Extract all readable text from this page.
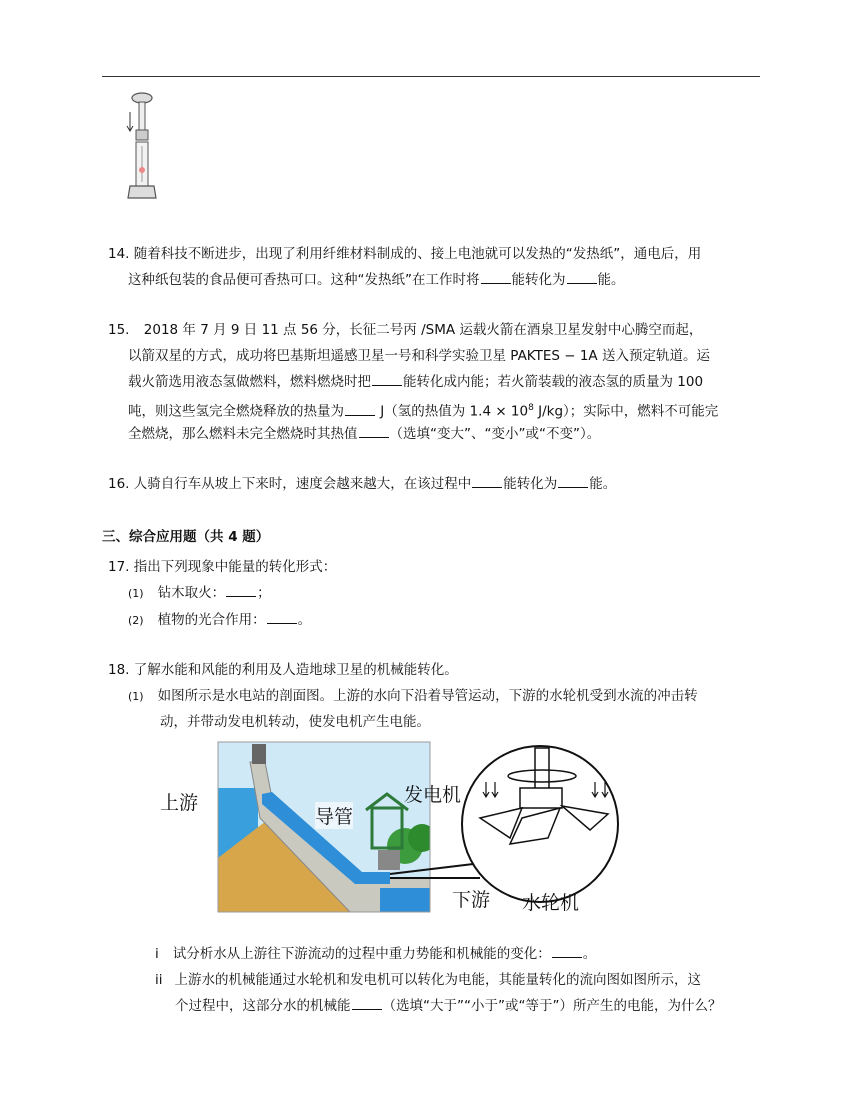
14. 随着科技不断进步，出现了利用纤维材料制成的、接上电池就可以发热的“发热纸”，通电后，用
这种纸包装的食品便可香热可口。这种“发热纸”在工作时将 能转化为 能。
15. 2018 年 7 月 9 日 11 点 56 分，长征二号丙 /SMA 运载火箭在酒泉卫星发射中心腾空而起，
以箭双星的方式，成功将巴基斯坦遥感卫星一号和科学实验卫星 PAKTES − 1A 送入预定轨道。运
载火箭选用液态氢做燃料，燃料燃烧时把 能转化成内能；若火箭装载的液态氢的质量为 100
吨，则这些氢完全燃烧释放的热量为 J（氢的热值为 $1.4 \times 10^8$ J/kg）；实际中，燃料不可能完
全燃烧，那么燃料未完全燃烧时其热值 （选填“变大”、“变小”或“不变”）。
16. 人骑自行车从坡上下来时，速度会越来越大，在该过程中 能转化为 能。
三、综合应用题（共 4 题）
17. 指出下列现象中能量的转化形式：
(1) 钻木取火： ；
(2) 植物的光合作用： 。
18. 了解水能和风能的利用及人造地球卫星的机械能转化。
(1) 如图所示是水电站的剖面图。上游的水向下沿着导管运动，下游的水轮机受到水流的冲击转
动，并带动发电机转动，使发电机产生电能。
上游
导管
发电机
水轮机
下游
i 试分析水从上游往下游流动的过程中重力势能和机械能的变化： 。
ii 上游水的机械能通过水轮机和发电机可以转化为电能，其能量转化的流向图如图所示，这
个过程中，这部分水的机械能 （选填“大于”“小于”或“等于”）所产生的电能，为什么？
